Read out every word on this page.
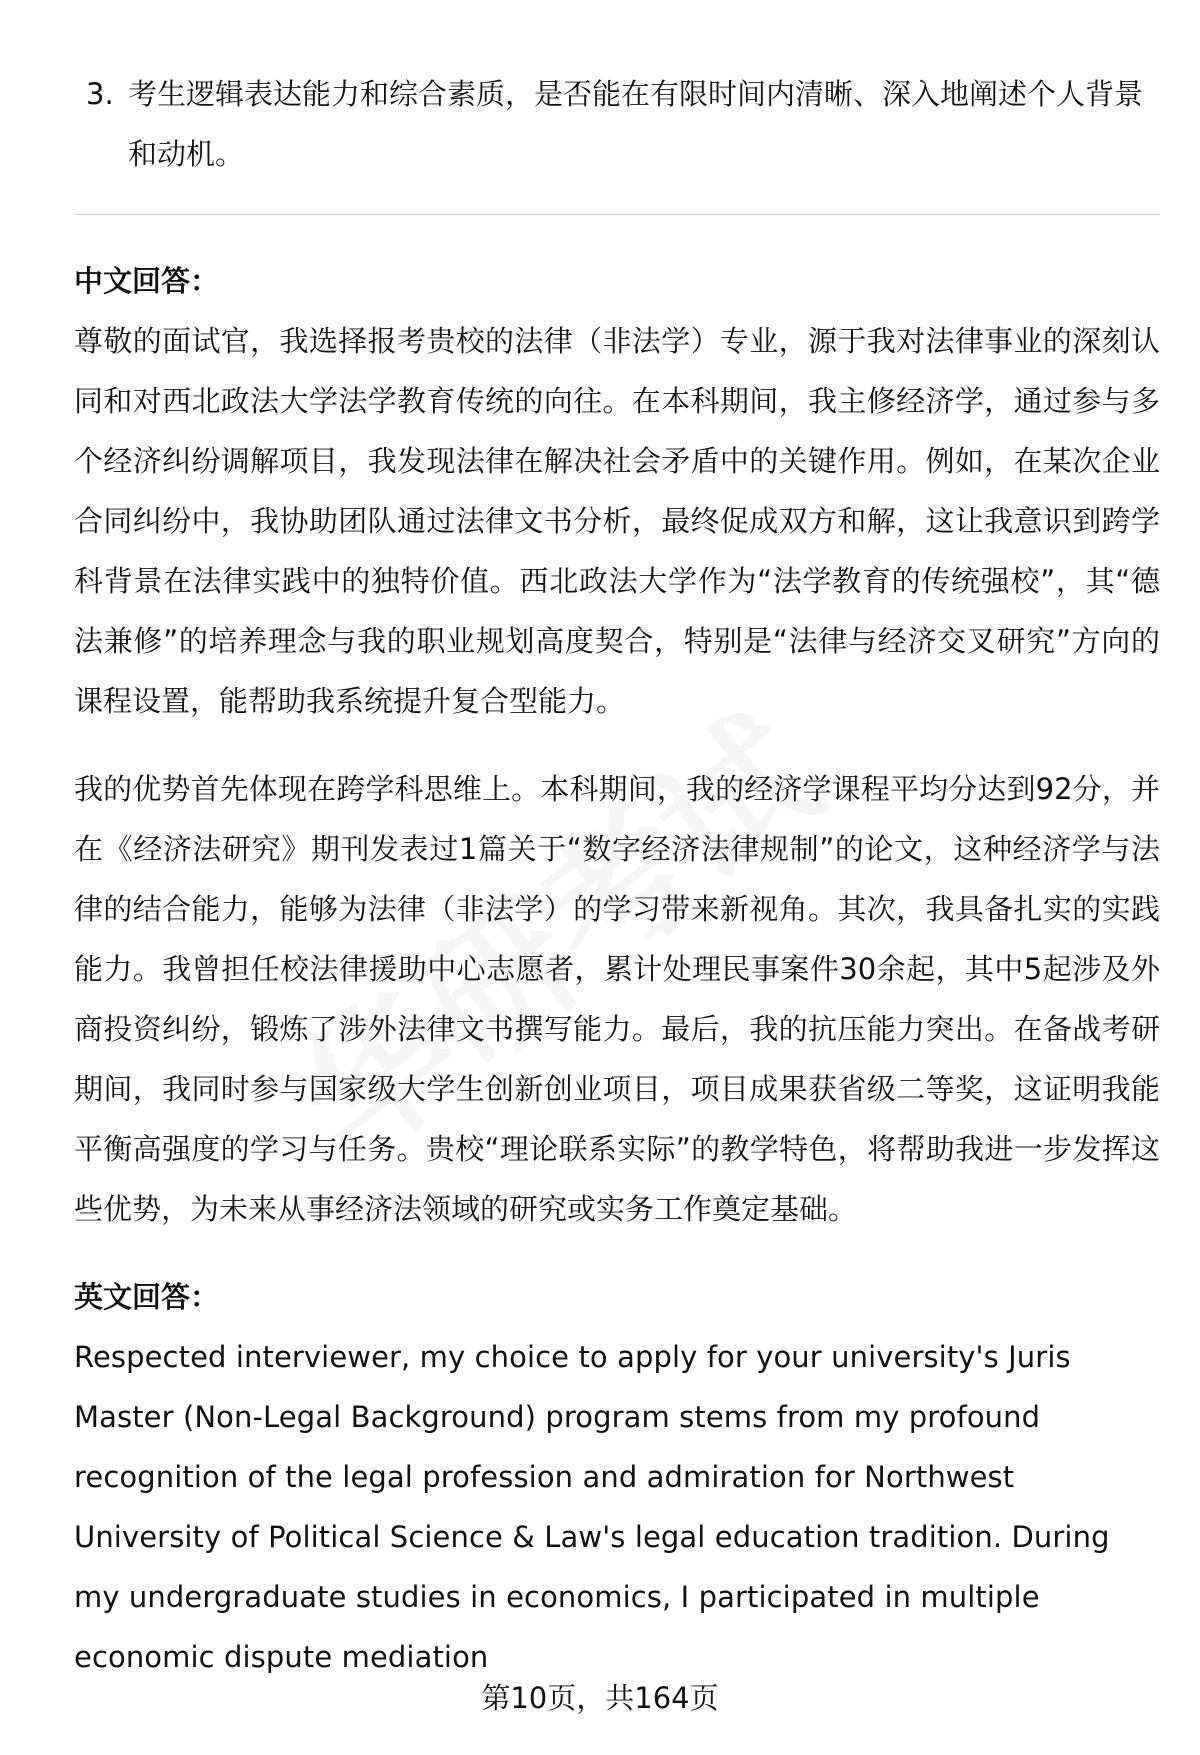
3. 考生逻辑表达能力和综合素质，是否能在有限时间内清晰、深入地阐述个人背景和动机。
中文回答：

尊敬的面试官，我选择报考贵校的法律（非法学）专业，源于我对法律事业的深刻认同和对西北政法大学法学教育传统的向往。在本科期间，我主修经济学，通过参与多个经济纠纷调解项目，我发现法律在解决社会矛盾中的关键作用。例如，在某次企业合同纠纷中，我协助团队通过法律文书分析，最终促成双方和解，这让我意识到跨学科背景在法律实践中的独特价值。西北政法大学作为“法学教育的传统强校”，其“德法兼修”的培养理念与我的职业规划高度契合，特别是“法律与经济交叉研究”方向的课程设置，能帮助我系统提升复合型能力。

我的优势首先体现在跨学科思维上。本科期间，我的经济学课程平均分达到92分，并在《经济法研究》期刊发表过1篇关于“数字经济法律规制”的论文，这种经济学与法律的结合能力，能够为法律（非法学）的学习带来新视角。其次，我具备扎实的实践能力。我曾担任校法律援助中心志愿者，累计处理民事案件30余起，其中5起涉及外商投资纠纷，锻炼了涉外法律文书撰写能力。最后，我的抗压能力突出。在备战考研期间，我同时参与国家级大学生创新创业项目，项目成果获省级二等奖，这证明我能平衡高强度的学习与任务。贵校“理论联系实际”的教学特色，将帮助我进一步发挥这些优势，为未来从事经济法领域的研究或实务工作奠定基础。

英文回答：

Respected interviewer, my choice to apply for your university's Juris Master (Non-Legal Background) program stems from my profound recognition of the legal profession and admiration for Northwest University of Political Science & Law's legal education tradition. During my undergraduate studies in economics, I participated in multiple economic dispute mediation

第10页，共164页
